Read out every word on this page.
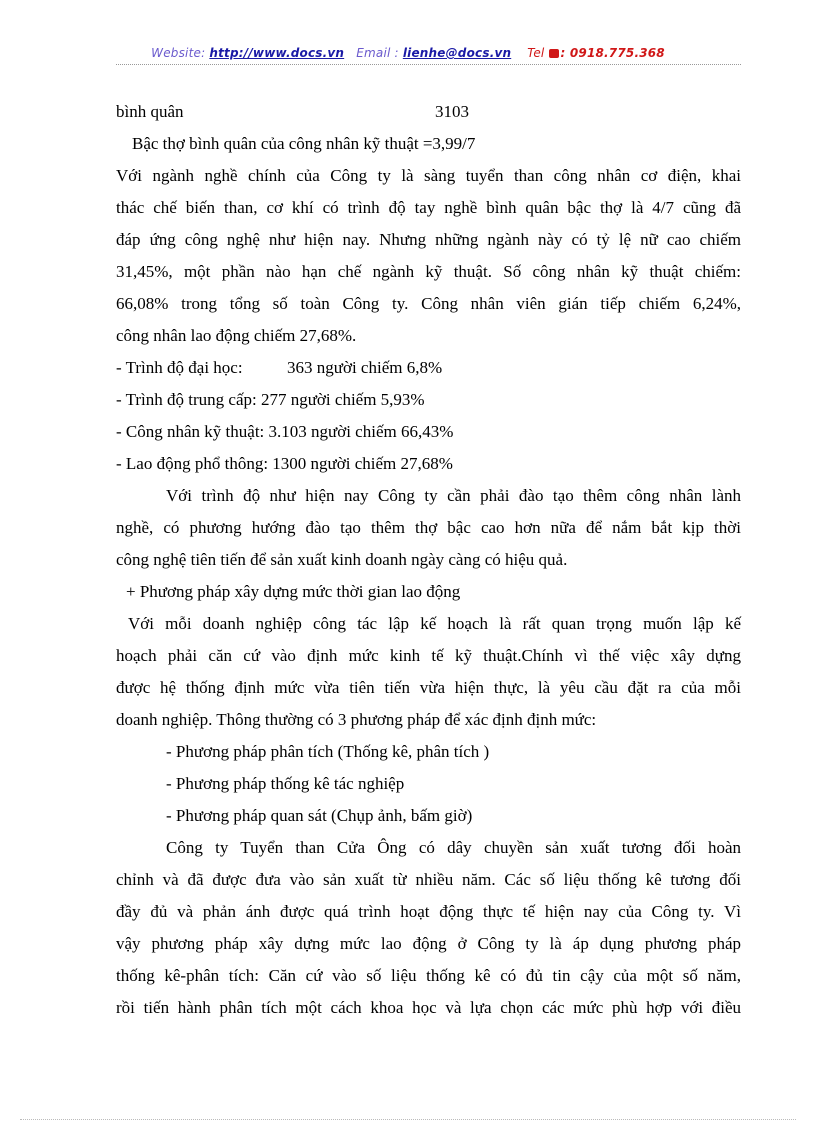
Website: http://www.docs.vn Email : lienhe@docs.vn Tel : 0918.775.368
bình quân	3103
Bậc thợ bình quân của công nhân kỹ thuật =3,99/7
Với ngành nghề chính của Công ty là sàng tuyển than công nhân cơ điện, khai
thác chế biến than, cơ khí có trình độ tay nghề bình quân bậc thợ là 4/7 cũng đã
đáp ứng công nghệ như hiện nay. Nhưng những ngành này có tỷ lệ nữ cao chiếm
31,45%, một phần nào hạn chế ngành kỹ thuật. Số công nhân kỹ thuật chiếm:
66,08% trong tổng số toàn Công ty. Công nhân viên gián tiếp chiếm 6,24%,
công nhân lao động chiếm 27,68%.
- Trình độ đại học:	363 người chiếm 6,8%
- Trình độ trung cấp: 277 người chiếm 5,93%
- Công nhân kỹ thuật: 3.103 người chiếm 66,43%
- Lao động phổ thông: 1300 người chiếm 27,68%
Với trình độ như hiện nay Công ty cần phải đào tạo thêm công nhân lành
nghề, có phương hướng đào tạo thêm thợ bậc cao hơn nữa để nắm bắt kịp thời
công nghệ tiên tiến để sản xuất kinh doanh ngày càng có hiệu quả.
+ Phương pháp xây dựng mức thời gian lao động
Với mỗi doanh nghiệp công tác lập kế hoạch là rất quan trọng muốn lập kế
hoạch phải căn cứ vào định mức kinh tế kỹ thuật.Chính vì thế việc xây dựng
được hệ thống định mức vừa tiên tiến vừa hiện thực, là yêu cầu đặt ra của mỗi
doanh nghiệp. Thông thường có 3 phương pháp để xác định định mức:
- Phương pháp phân tích (Thống kê, phân tích )
- Phương pháp thống kê tác nghiệp
- Phương pháp quan sát (Chụp ảnh, bấm giờ)
Công ty Tuyển than Cửa Ông có dây chuyền sản xuất tương đối hoàn
chỉnh và đã được đưa vào sản xuất từ nhiều năm. Các số liệu thống kê tương đối
đầy đủ và phản ánh được quá trình hoạt động thực tế hiện nay của Công ty. Vì
vậy phương pháp xây dựng mức lao động ở Công ty là áp dụng phương pháp
thống kê-phân tích: Căn cứ vào số liệu thống kê có đủ tin cậy của một số năm,
rồi tiến hành phân tích một cách khoa học và lựa chọn các mức phù hợp với điều
